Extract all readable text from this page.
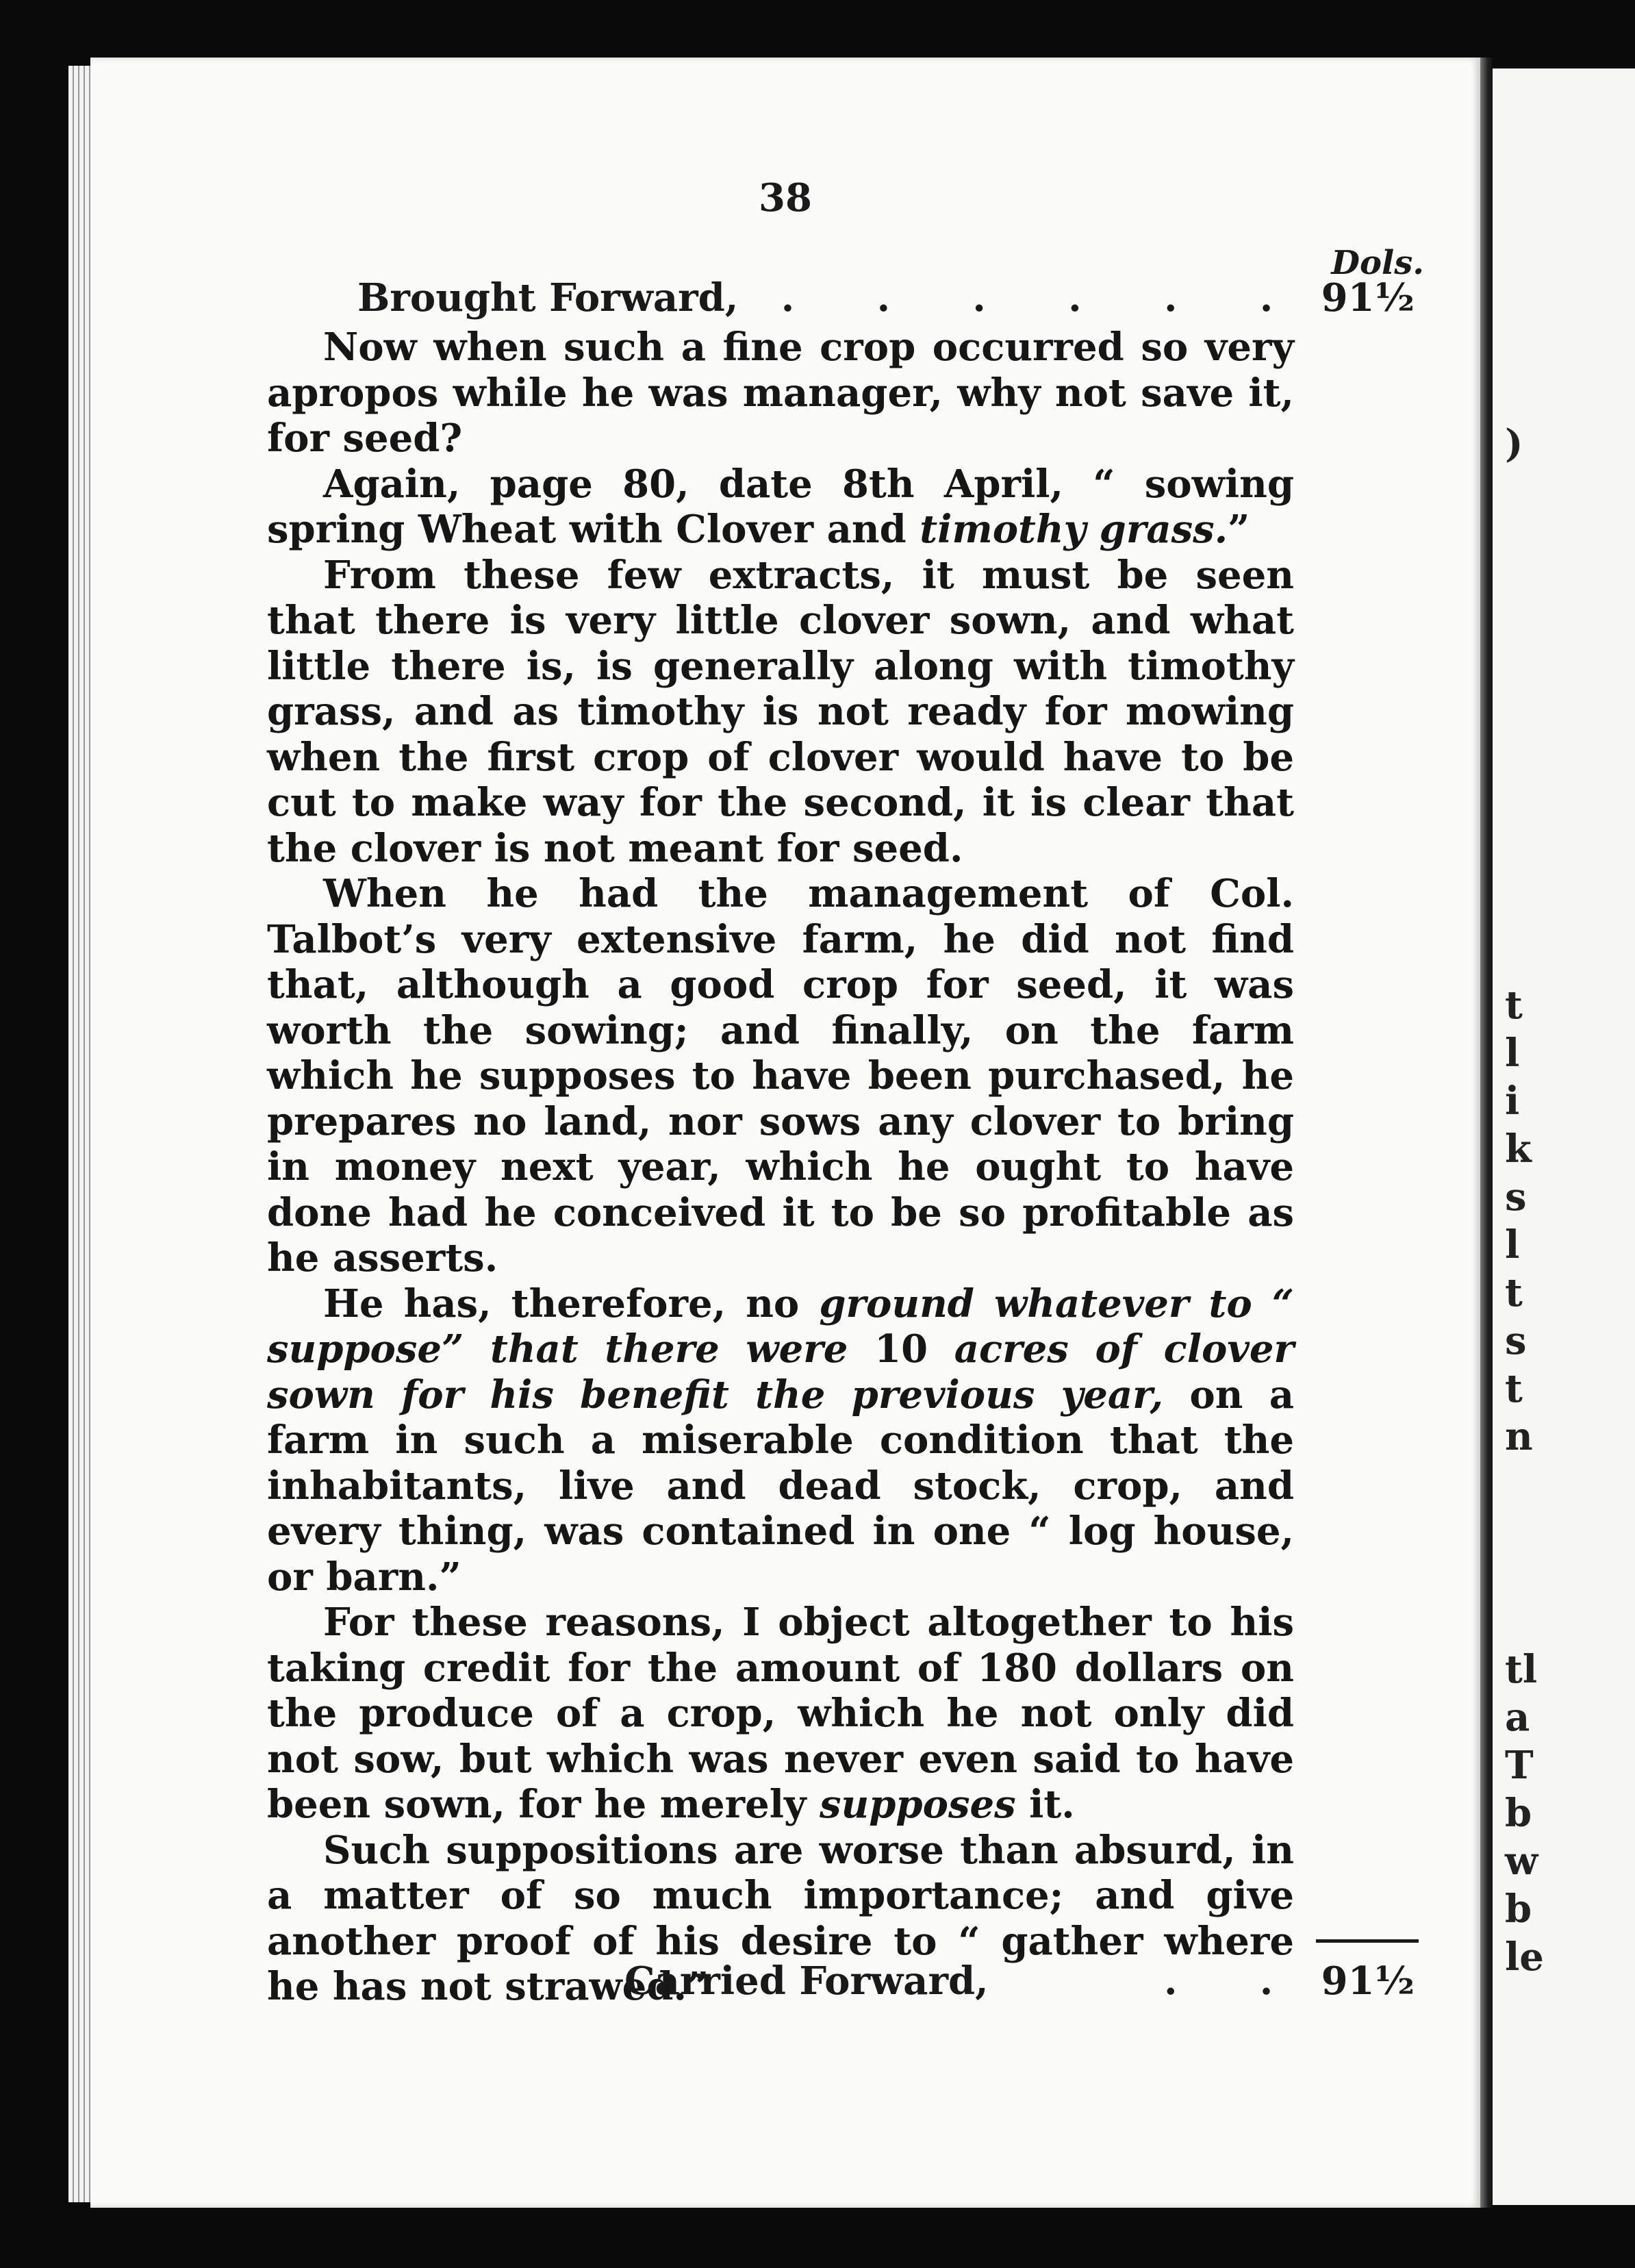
38
Dols.
Brought Forward,	. . . . . . 91½

Now when such a fine crop occurred so very apropos while he was manager, why not save it, for seed?

Again, page 80, date 8th April, “ sowing spring Wheat with Clover and timothy grass.”

From these few extracts, it must be seen that there is very little clover sown, and what little there is, is generally along with timothy grass, and as timothy is not ready for mowing when the first crop of clover would have to be cut to make way for the second, it is clear that the clover is not meant for seed.

When he had the management of Col. Talbot’s very extensive farm, he did not find that, although a good crop for seed, it was worth the sowing; and finally, on the farm which he supposes to have been purchased, he prepares no land, nor sows any clover to bring in money next year, which he ought to have done had he conceived it to be so profitable as he asserts.

He has, therefore, no ground whatever to “ suppose” that there were 10 acres of clover sown for his benefit the previous year, on a farm in such a miserable condition that the inhabitants, live and dead stock, crop, and every thing, was contained in one “ log house, or barn.”

For these reasons, I object altogether to his taking credit for the amount of 180 dollars on the produce of a crop, which he not only did not sow, but which was never even said to have been sown, for he merely supposes it.

Such suppositions are worse than absurd, in a matter of so much importance; and give another proof of his desire to “ gather where he has not strawed.”

Carried Forward,	. . 91½
)
t
l
i
k
s
l
t
s
t
n
tl
a
T
b
w
b
le
